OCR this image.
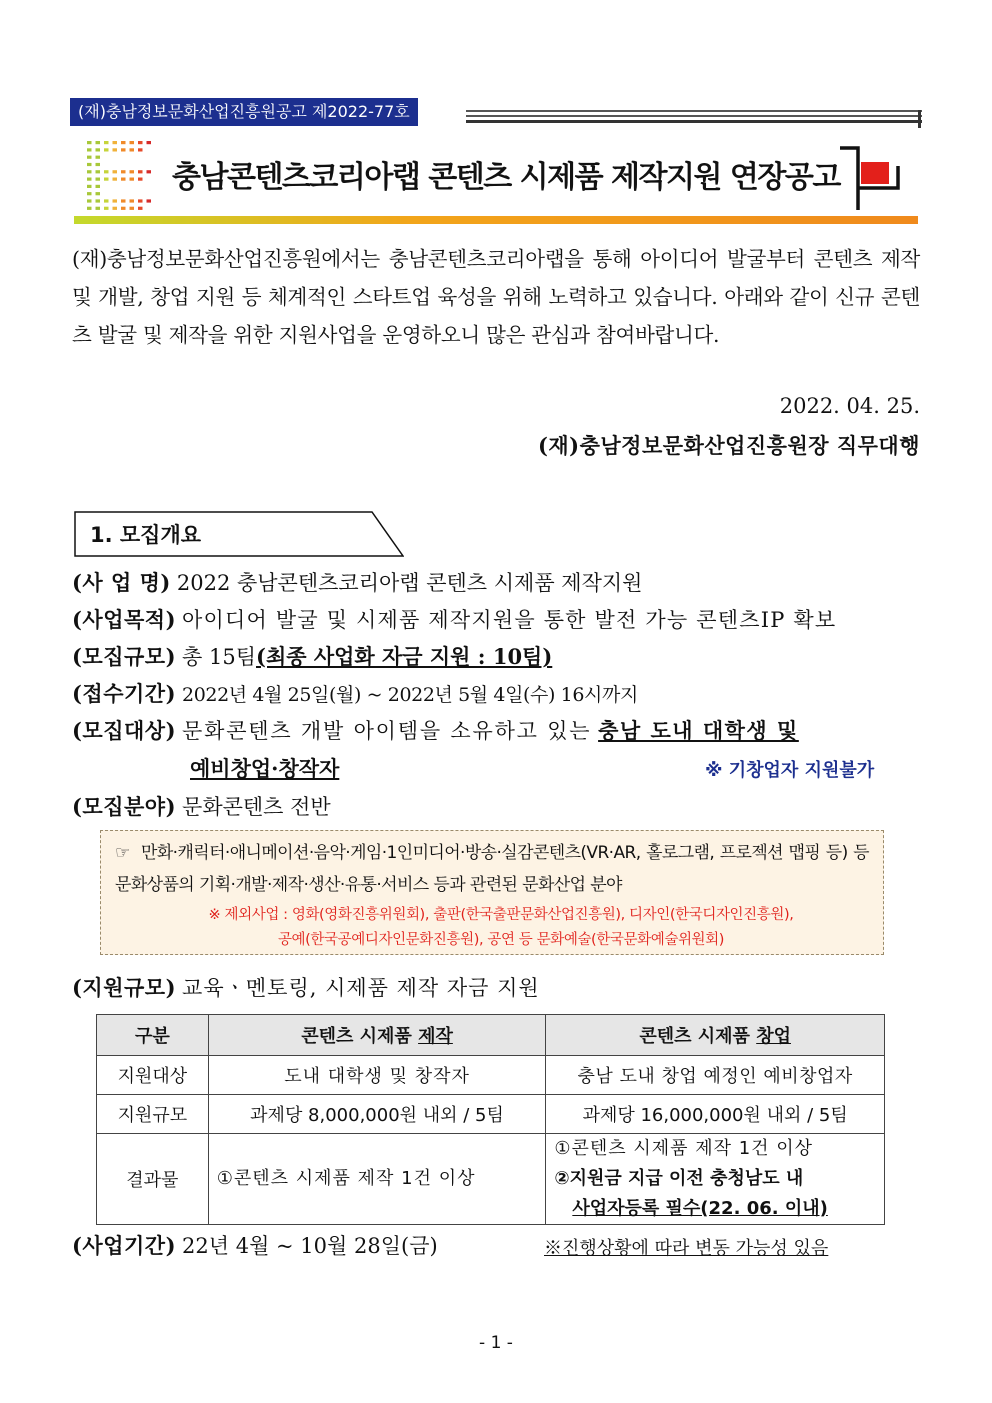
(재)충남정보문화산업진흥원공고 제2022-77호
충남콘텐츠코리아랩 콘텐츠 시제품 제작지원 연장공고
(재)충남정보문화산업진흥원에서는 충남콘텐츠코리아랩을 통해 아이디어 발굴부터 콘텐츠 제작 및 개발, 창업 지원 등 체계적인 스타트업 육성을 위해 노력하고 있습니다. 아래와 같이 신규 콘텐츠 발굴 및 제작을 위한 지원사업을 운영하오니 많은 관심과 참여바랍니다.
2022. 04. 25.
(재)충남정보문화산업진흥원장 직무대행
1. 모집개요
(사 업 명) 2022 충남콘텐츠코리아랩 콘텐츠 시제품 제작지원
(사업목적) 아이디어 발굴 및 시제품 제작지원을 통한 발전 가능 콘텐츠IP 확보
(모집규모) 총 15팀(최종 사업화 자금 지원 : 10팀)
(접수기간) 2022년 4월 25일(월) ~ 2022년 5월 4일(수) 16시까지
(모집대상) 문화콘텐츠 개발 아이템을 소유하고 있는 충남 도내 대학생 및
예비창업·창작자	※ 기창업자 지원불가
(모집분야) 문화콘텐츠 전반
☞ 만화·캐릭터·애니메이션·음악·게임·1인미디어·방송·실감콘텐츠(VR·AR, 홀로그램, 프로젝션 맵핑 등) 등 문화상품의 기획·개발·제작·생산·유통·서비스 등과 관련된 문화산업 분야
※ 제외사업 : 영화(영화진흥위원회), 출판(한국출판문화산업진흥원), 디자인(한국디자인진흥원),
공예(한국공예디자인문화진흥원), 공연 등 문화예술(한국문화예술위원회)
(지원규모) 교육ㆍ멘토링, 시제품 제작 자금 지원
구분	콘텐츠 시제품 제작	콘텐츠 시제품 창업
지원대상	도내 대학생 및 창작자	충남 도내 창업 예정인 예비창업자
지원규모	과제당 8,000,000원 내외 / 5팀	과제당 16,000,000원 내외 / 5팀
결과물	①콘텐츠 시제품 제작 1건 이상	①콘텐츠 시제품 제작 1건 이상
②지원금 지급 이전 충청남도 내
사업자등록 필수(22. 06. 이내)
(사업기간) 22년 4월 ~ 10월 28일(금)	※진행상황에 따라 변동 가능성 있음
- 1 -
